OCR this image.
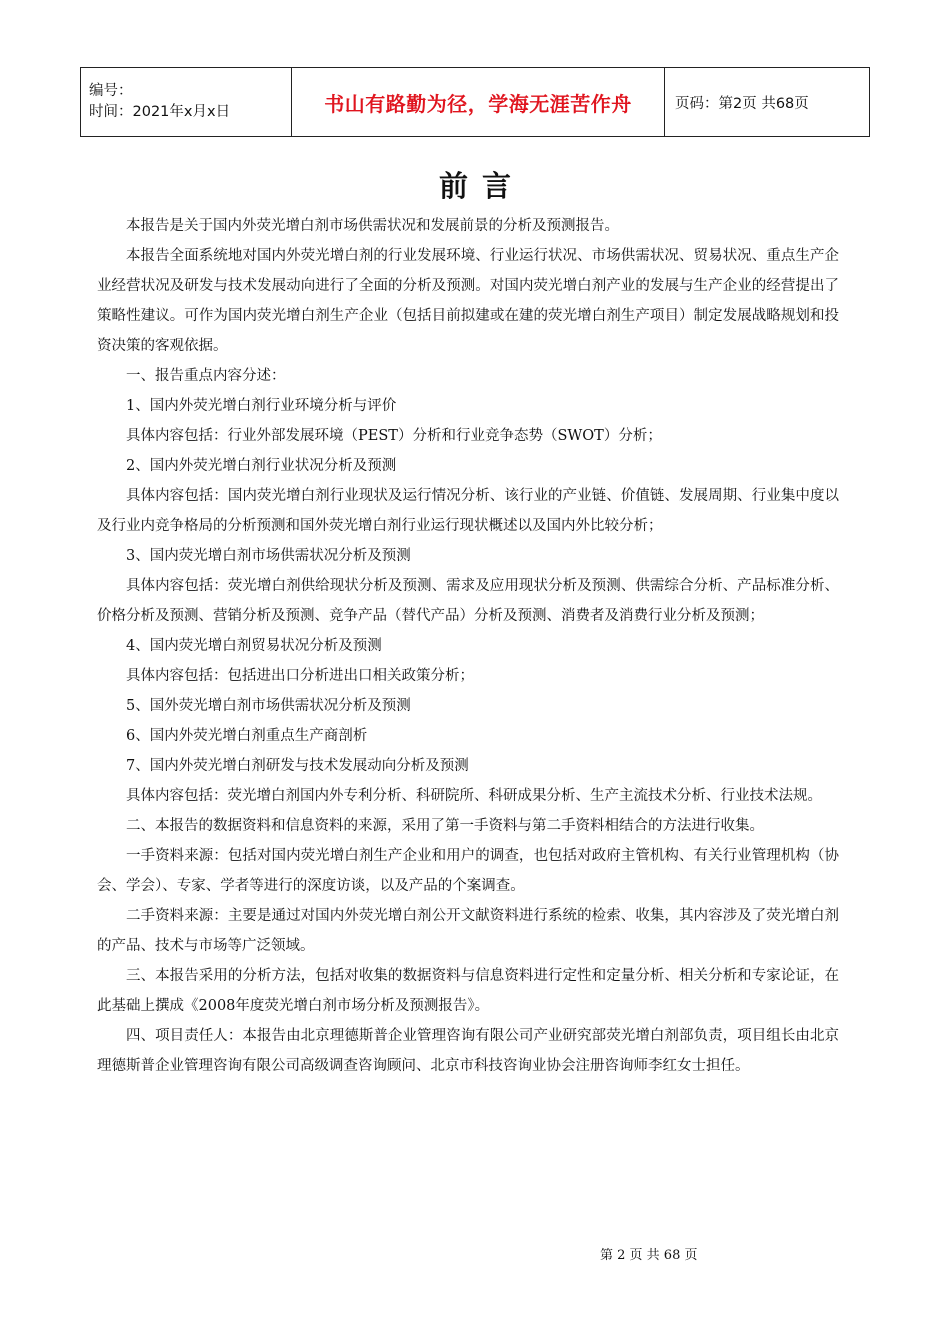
编号：
时间：2021年x月x日	书山有路勤为径，学海无涯苦作舟	页码：第2页 共68页
前言

本报告是关于国内外荧光增白剂市场供需状况和发展前景的分析及预测报告。

本报告全面系统地对国内外荧光增白剂的行业发展环境、行业运行状况、市场供需状况、贸易状况、重点生产企业经营状况及研发与技术发展动向进行了全面的分析及预测。对国内荧光增白剂产业的发展与生产企业的经营提出了策略性建议。可作为国内荧光增白剂生产企业（包括目前拟建或在建的荧光增白剂生产项目）制定发展战略规划和投资决策的客观依据。

一、报告重点内容分述：

1、国内外荧光增白剂行业环境分析与评价

具体内容包括：行业外部发展环境（PEST）分析和行业竞争态势（SWOT）分析；

2、国内外荧光增白剂行业状况分析及预测

具体内容包括：国内荧光增白剂行业现状及运行情况分析、该行业的产业链、价值链、发展周期、行业集中度以及行业内竞争格局的分析预测和国外荧光增白剂行业运行现状概述以及国内外比较分析；

3、国内荧光增白剂市场供需状况分析及预测

具体内容包括：荧光增白剂供给现状分析及预测、需求及应用现状分析及预测、供需综合分析、产品标准分析、价格分析及预测、营销分析及预测、竞争产品（替代产品）分析及预测、消费者及消费行业分析及预测；

4、国内荧光增白剂贸易状况分析及预测

具体内容包括：包括进出口分析进出口相关政策分析；

5、国外荧光增白剂市场供需状况分析及预测

6、国内外荧光增白剂重点生产商剖析

7、国内外荧光增白剂研发与技术发展动向分析及预测

具体内容包括：荧光增白剂国内外专利分析、科研院所、科研成果分析、生产主流技术分析、行业技术法规。

二、本报告的数据资料和信息资料的来源，采用了第一手资料与第二手资料相结合的方法进行收集。

一手资料来源：包括对国内荧光增白剂生产企业和用户的调查，也包括对政府主管机构、有关行业管理机构（协会、学会）、专家、学者等进行的深度访谈，以及产品的个案调查。

二手资料来源：主要是通过对国内外荧光增白剂公开文献资料进行系统的检索、收集，其内容涉及了荧光增白剂的产品、技术与市场等广泛领域。

三、本报告采用的分析方法，包括对收集的数据资料与信息资料进行定性和定量分析、相关分析和专家论证，在此基础上撰成《2008年度荧光增白剂市场分析及预测报告》。

四、项目责任人：本报告由北京理德斯普企业管理咨询有限公司产业研究部荧光增白剂部负责，项目组长由北京理德斯普企业管理咨询有限公司高级调查咨询顾问、北京市科技咨询业协会注册咨询师李红女士担任。

第 2 页 共 68 页
